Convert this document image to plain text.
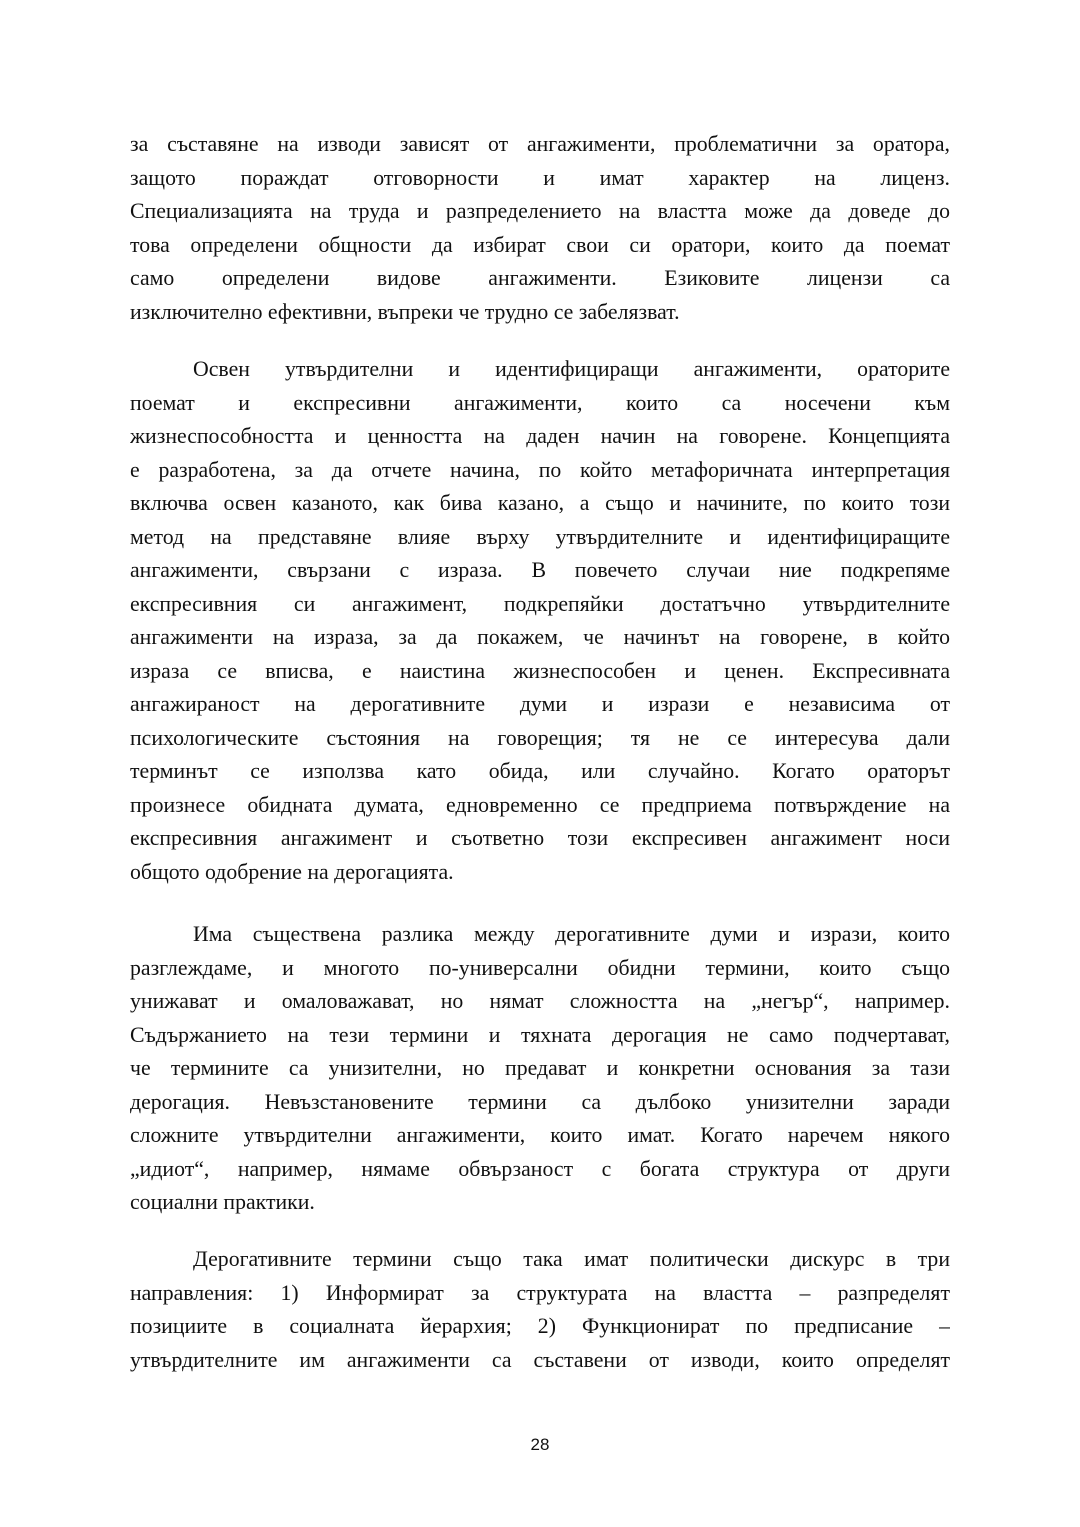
за съставяне на изводи зависят от ангажименти, проблематични за оратора,
защото пораждат отговорности и имат характер на лиценз.
Специализацията на труда и разпределението на властта може да доведе до
това определени общности да избират свои си оратори, които да поемат
само определени видове ангажименти. Езиковите лицензи са
изключително ефективни, въпреки че трудно се забелязват.
Освен утвърдителни и идентифициращи ангажименти, ораторите
поемат и експресивни ангажименти, които са носечени към
жизнеспособността и ценността на даден начин на говорене. Концепцията
е разработена, за да отчете начина, по който метафоричната интерпретация
включва освен казаното, как бива казано, а също и начините, по които този
метод на представяне влияе върху утвърдителните и идентифициращите
ангажименти, свързани с израза. В повечето случаи ние подкрепяме
експресивния си ангажимент, подкрепяйки достатъчно утвърдителните
ангажименти на израза, за да покажем, че начинът на говорене, в който
израза се вписва, е наистина жизнеспособен и ценен. Експресивната
ангажираност на дерогативните думи и изрази е независима от
психологическите състояния на говорещия; тя не се интересува дали
терминът се използва като обида, или случайно. Когато ораторът
произнесе обидната думата, едновременно се предприема потвърждение на
експресивния ангажимент и съответно този експресивен ангажимент носи
общото одобрение на дерогацията.
Има съществена разлика между дерогативните думи и изрази, които
разглеждаме, и многото по-универсални обидни термини, които също
унижават и омаловажават, но нямат сложността на „негър“, например.
Съдържанието на тези термини и тяхната дерогация не само подчертават,
че термините са унизителни, но предават и конкретни основания за тази
дерогация. Невъзстановените термини са дълбоко унизителни заради
сложните утвърдителни ангажименти, които имат. Когато наречем някого
„идиот“, например, нямаме обвързаност с богата структура от други
социални практики.
Дерогативните термини също така имат политически дискурс в три
направления: 1) Информират за структурата на властта – разпределят
позициите в социалната йерархия; 2) Функционират по предписание –
утвърдителните им ангажименти са съставени от изводи, които определят
28
